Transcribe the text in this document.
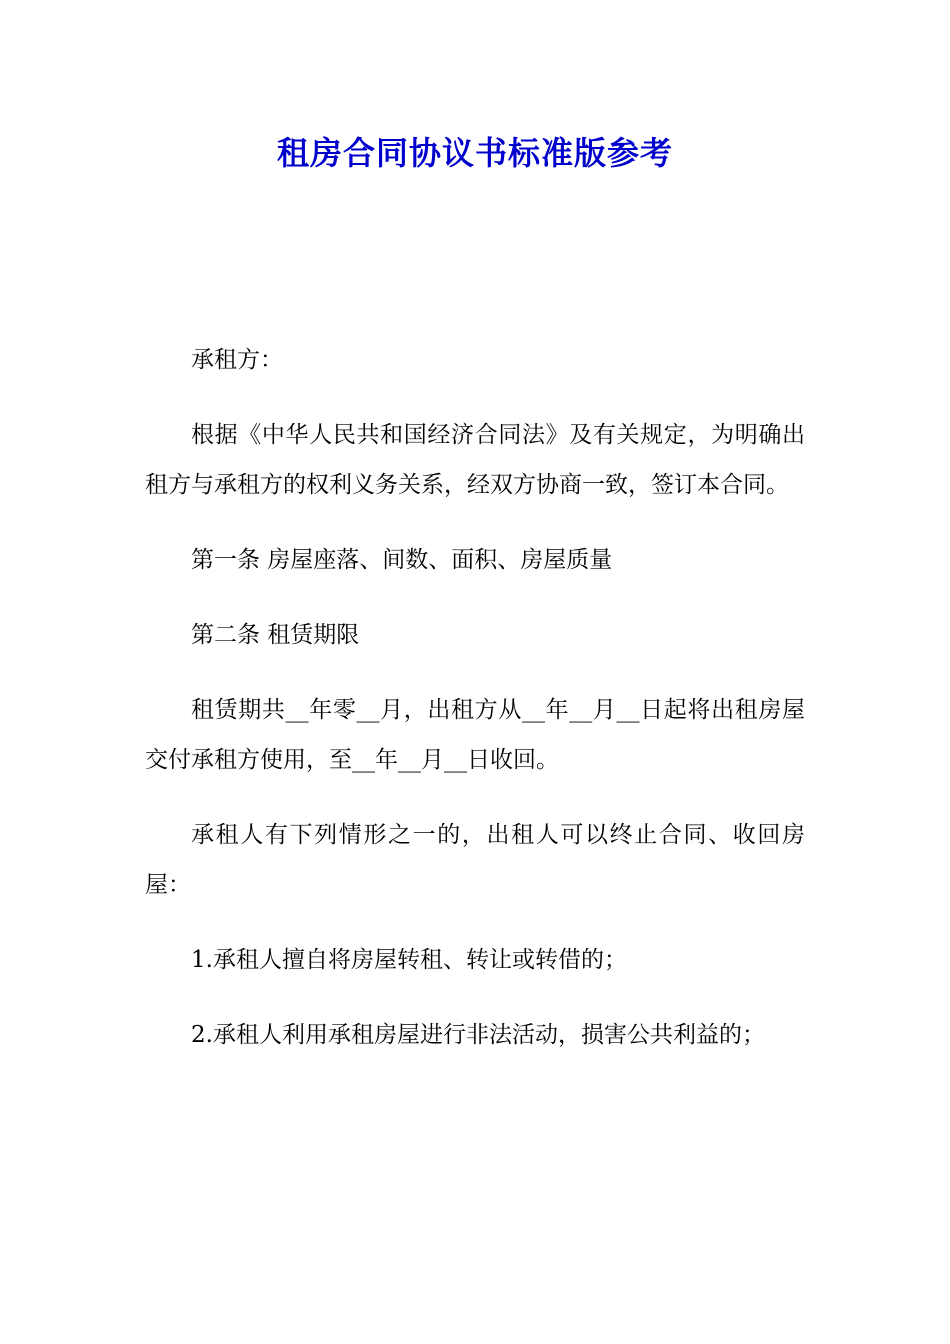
租房合同协议书标准版参考

承租方：

根据《中华人民共和国经济合同法》及有关规定，为明确出租方与承租方的权利义务关系，经双方协商一致，签订本合同。

第一条 房屋座落、间数、面积、房屋质量

第二条 租赁期限

租赁期共__年零__月，出租方从__年__月__日起将出租房屋交付承租方使用，至__年__月__日收回。

承租人有下列情形之一的，出租人可以终止合同、收回房屋：

1.承租人擅自将房屋转租、转让或转借的；

2.承租人利用承租房屋进行非法活动，损害公共利益的；
